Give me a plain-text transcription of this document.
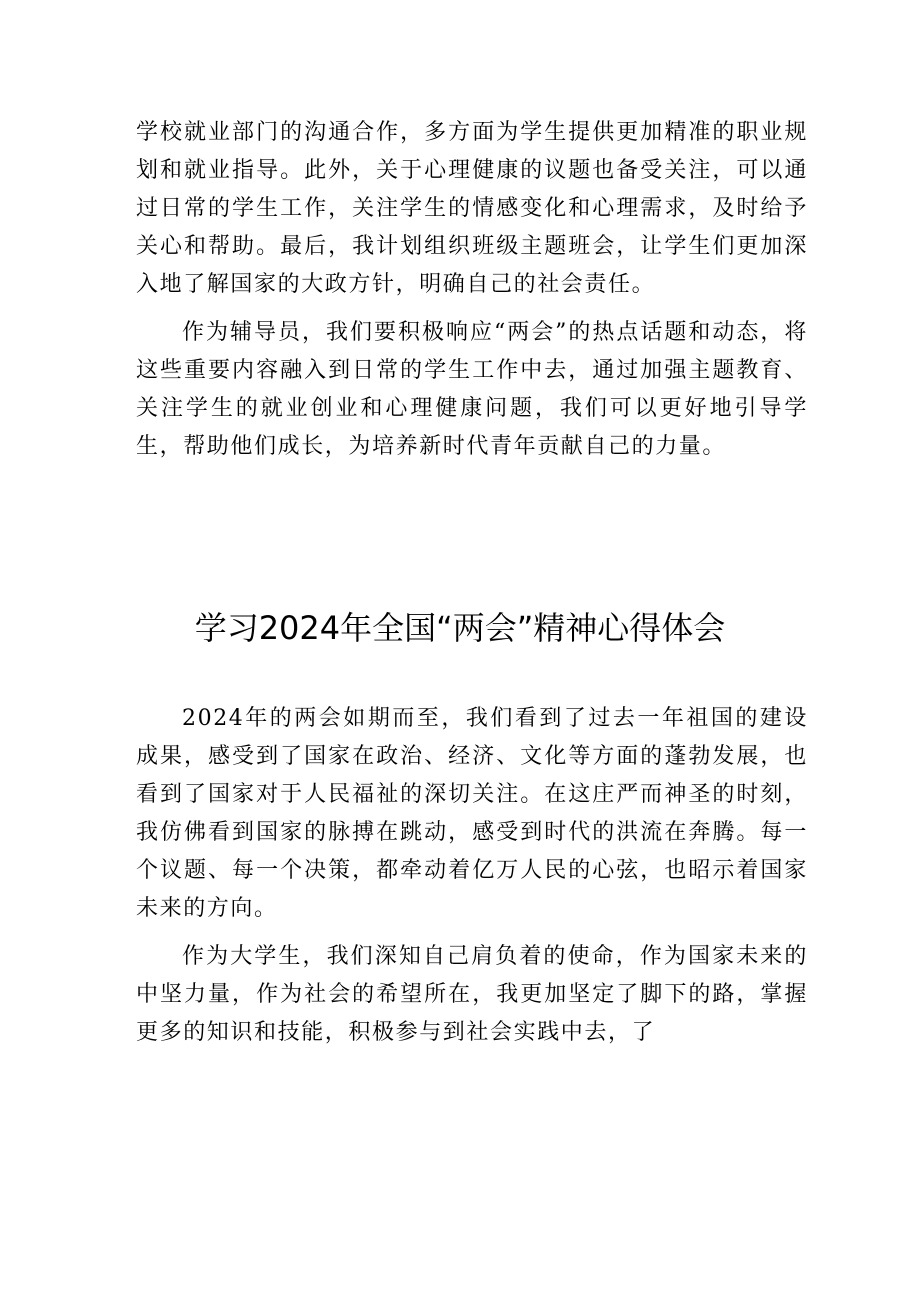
学校就业部门的沟通合作，多方面为学生提供更加精准的职业规划和就业指导。此外，关于心理健康的议题也备受关注，可以通过日常的学生工作，关注学生的情感变化和心理需求，及时给予关心和帮助。最后，我计划组织班级主题班会，让学生们更加深入地了解国家的大政方针，明确自己的社会责任。

作为辅导员，我们要积极响应“两会”的热点话题和动态，将这些重要内容融入到日常的学生工作中去，通过加强主题教育、关注学生的就业创业和心理健康问题，我们可以更好地引导学生，帮助他们成长，为培养新时代青年贡献自己的力量。

学习2024年全国“两会”精神心得体会

2024年的两会如期而至，我们看到了过去一年祖国的建设成果，感受到了国家在政治、经济、文化等方面的蓬勃发展，也看到了国家对于人民福祉的深切关注。在这庄严而神圣的时刻，我仿佛看到国家的脉搏在跳动，感受到时代的洪流在奔腾。每一个议题、每一个决策，都牵动着亿万人民的心弦，也昭示着国家未来的方向。

作为大学生，我们深知自己肩负着的使命，作为国家未来的中坚力量，作为社会的希望所在，我更加坚定了脚下的路，掌握更多的知识和技能，积极参与到社会实践中去，了
